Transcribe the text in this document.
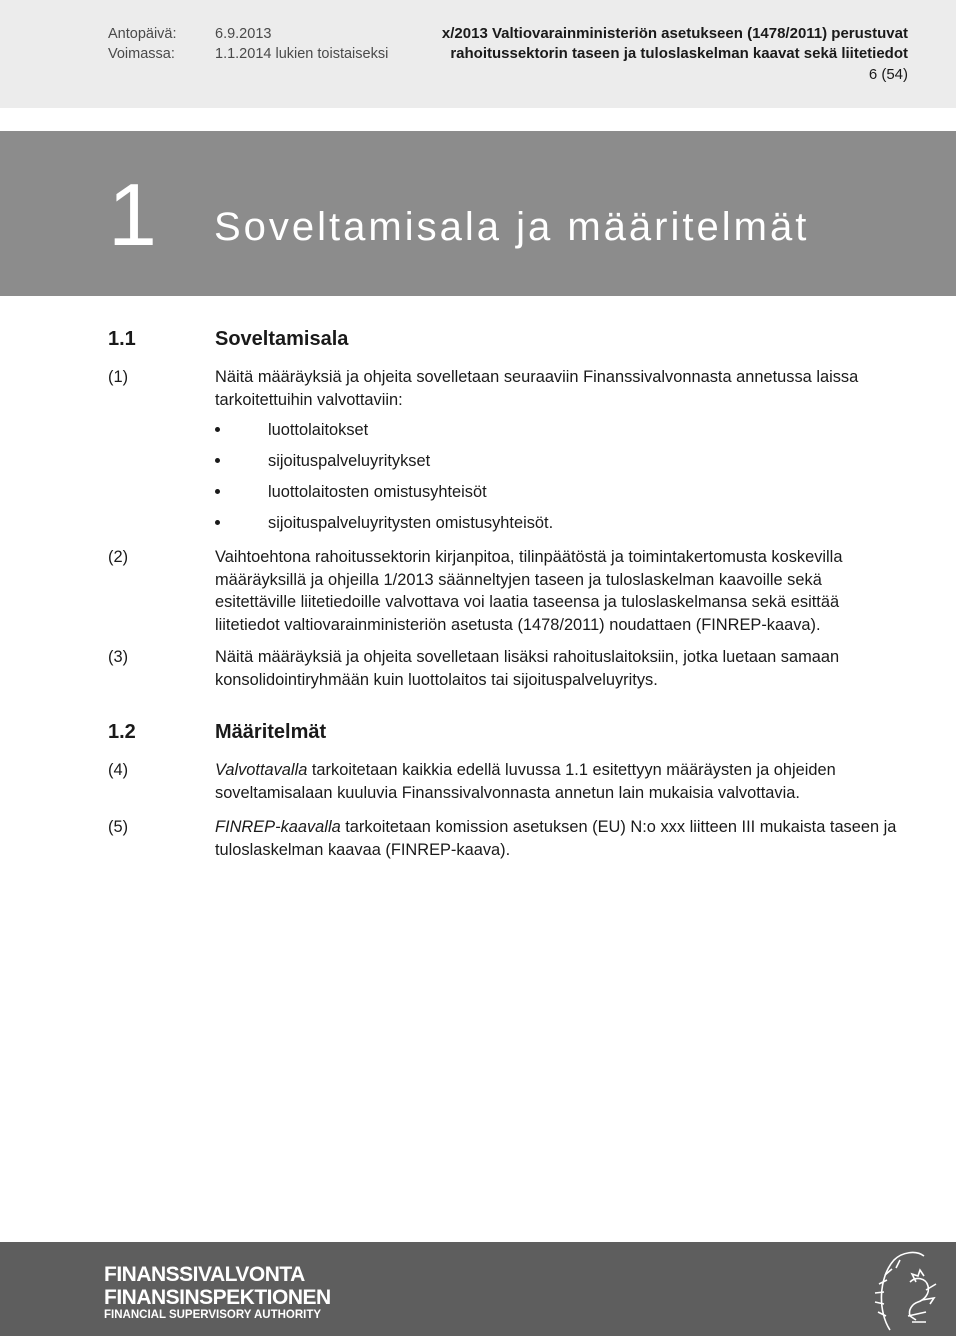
Antopäivä:	6.9.2013
Voimassa:	1.1.2014 lukien toistaiseksi
x/2013 Valtiovarainministeriön asetukseen (1478/2011) perustuvat
rahoitussektorin taseen ja tuloslaskelman kaavat sekä liitetiedot
6 (54)
1 Soveltamisala ja määritelmät
1.1	Soveltamisala
(1)	Näitä määräyksiä ja ohjeita sovelletaan seuraaviin Finanssivalvonnasta annetussa laissa tarkoitettuihin valvottaviin:
luottolaitokset
sijoituspalveluyritykset
luottolaitosten omistusyhteisöt
sijoituspalveluyritysten omistusyhteisöt.
(2)	Vaihtoehtona rahoitussektorin kirjanpitoa, tilinpäätöstä ja toimintakertomusta koskevilla määräyksillä ja ohjeilla 1/2013 säänneltyjen taseen ja tuloslaskelman kaavoille sekä esitettäville liitetiedoille valvottava voi laatia taseensa ja tuloslaskelmansa sekä esittää liitetiedot valtiovarainministeriön asetusta (1478/2011) noudattaen (FINREP-kaava).
(3)	Näitä määräyksiä ja ohjeita sovelletaan lisäksi rahoituslaitoksiin, jotka luetaan samaan konsolidointiryhmään kuin luottolaitos tai sijoituspalveluyritys.
1.2	Määritelmät
(4)	Valvottavalla tarkoitetaan kaikkia edellä luvussa 1.1 esitettyyn määräysten ja ohjeiden soveltamisalaan kuuluvia Finanssivalvonnasta annetun lain mukaisia valvottavia.
(5)	FINREP-kaavalla tarkoitetaan komission asetuksen (EU) N:o xxx liitteen III mukaista taseen ja tuloslaskelman kaavaa (FINREP-kaava).
FINANSSIVALVONTA
FINANSINSPEKTIONEN
FINANCIAL SUPERVISORY AUTHORITY
